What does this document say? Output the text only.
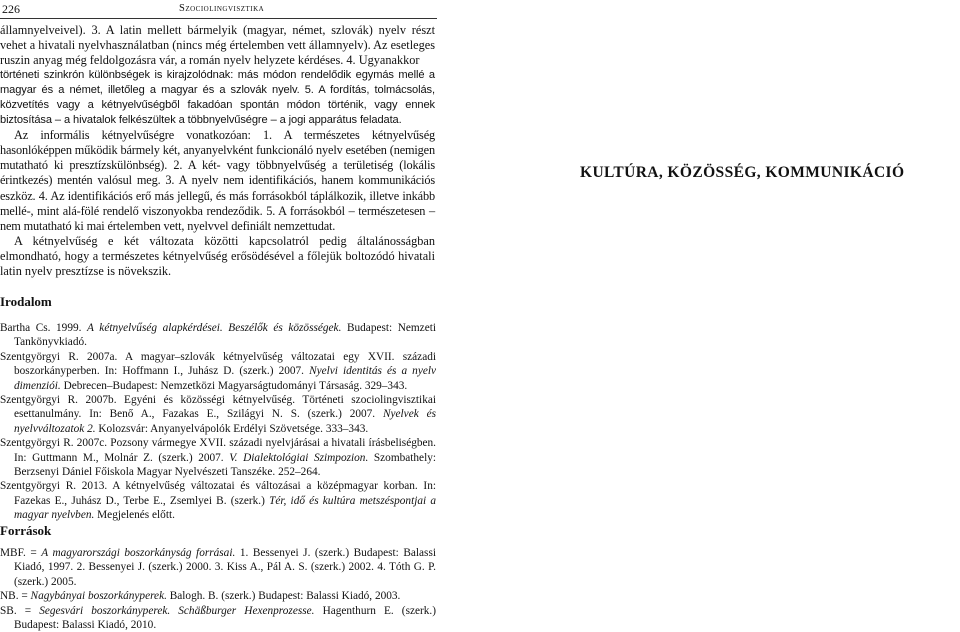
226	Szociolingvisztika

államnyelveivel). 3. A latin mellett bármelyik (magyar, német, szlovák) nyelv részt vehet a hivatali nyelvhasználatban (nincs még értelemben vett államnyelv). Az esetleges ruszin anyag még feldolgozásra vár, a román nyelv helyzete kérdéses. 4. Ugyanakkor

történeti szinkrón különbségek is kirajzolódnak: más módon rendelődik egymás mellé a magyar és a német, illetőleg a magyar és a szlovák nyelv. 5. A fordítás, tolmácsolás, közvetítés vagy a kétnyelvűségből fakadóan spontán módon történik, vagy ennek biztosítása – a hivatalok felkészültek a többnyelvűségre – a jogi apparátus feladata.

Az informális kétnyelvűségre vonatkozóan: 1. A természetes kétnyelvűség hasonlóképpen működik bármely két, anyanyelvként funkcionáló nyelv esetében (nemigen mutatható ki presztízskülönbség). 2. A két- vagy többnyelvűség a területiség (lokális érintkezés) mentén valósul meg. 3. A nyelv nem identifikációs, hanem kommunikációs eszköz. 4. Az identifikációs erő más jellegű, és más forrásokból táplálkozik, illetve inkább mellé-, mint alá-fölé rendelő viszonyokba rendeződik. 5. A forrásokból – természetesen – nem mutatható ki mai értelemben vett, nyelvvel definiált nemzettudat.

A kétnyelvűség e két változata közötti kapcsolatról pedig általánosságban elmondható, hogy a természetes kétnyelvűség erősödésével a főlejük boltozódó hivatali latin nyelv presztízse is növekszik.

KULTÚRA, KÖZÖSSÉG, KOMMUNIKÁCIÓ
Irodalom

Bartha Cs. 1999. A kétnyelvűség alapkérdései. Beszélők és közösségek. Budapest: Nemzeti Tankönyvkiadó.

Szentgyörgyi R. 2007a. A magyar–szlovák kétnyelvűség változatai egy XVII. századi boszorkányperben. In: Hoffmann I., Juhász D. (szerk.) 2007. Nyelvi identitás és a nyelv dimenziói. Debrecen–Budapest: Nemzetközi Magyarságtudományi Társaság. 329–343.

Szentgyörgyi R. 2007b. Egyéni és közösségi kétnyelvűség. Történeti szociolingvisztikai esettanulmány. In: Benő A., Fazakas E., Szilágyi N. S. (szerk.) 2007. Nyelvek és nyelvváltozatok 2. Kolozsvár: Anyanyelvápolók Erdélyi Szövetsége. 333–343.

Szentgyörgyi R. 2007c. Pozsony vármegye XVII. századi nyelvjárásai a hivatali írásbeliségben. In: Guttmann M., Molnár Z. (szerk.) 2007. V. Dialektológiai Szimpozion. Szombathely: Berzsenyi Dániel Főiskola Magyar Nyelvészeti Tanszéke. 252–264.

Szentgyörgyi R. 2013. A kétnyelvűség változatai és változásai a középmagyar korban. In: Fazekas E., Juhász D., Terbe E., Zsemlyei B. (szerk.) Tér, idő és kultúra metszéspontjai a magyar nyelvben. Megjelenés előtt.

Források

MBF. = A magyarországi boszorkányság forrásai. 1. Bessenyei J. (szerk.) Budapest: Balassi Kiadó, 1997. 2. Bessenyei J. (szerk.) 2000. 3. Kiss A., Pál A. S. (szerk.) 2002. 4. Tóth G. P. (szerk.) 2005.

NB. = Nagybányai boszorkányperek. Balogh. B. (szerk.) Budapest: Balassi Kiadó, 2003.

SB. = Segesvári boszorkányperek. Schäßburger Hexenprozesse. Hagenthurn E. (szerk.) Budapest: Balassi Kiadó, 2010.
